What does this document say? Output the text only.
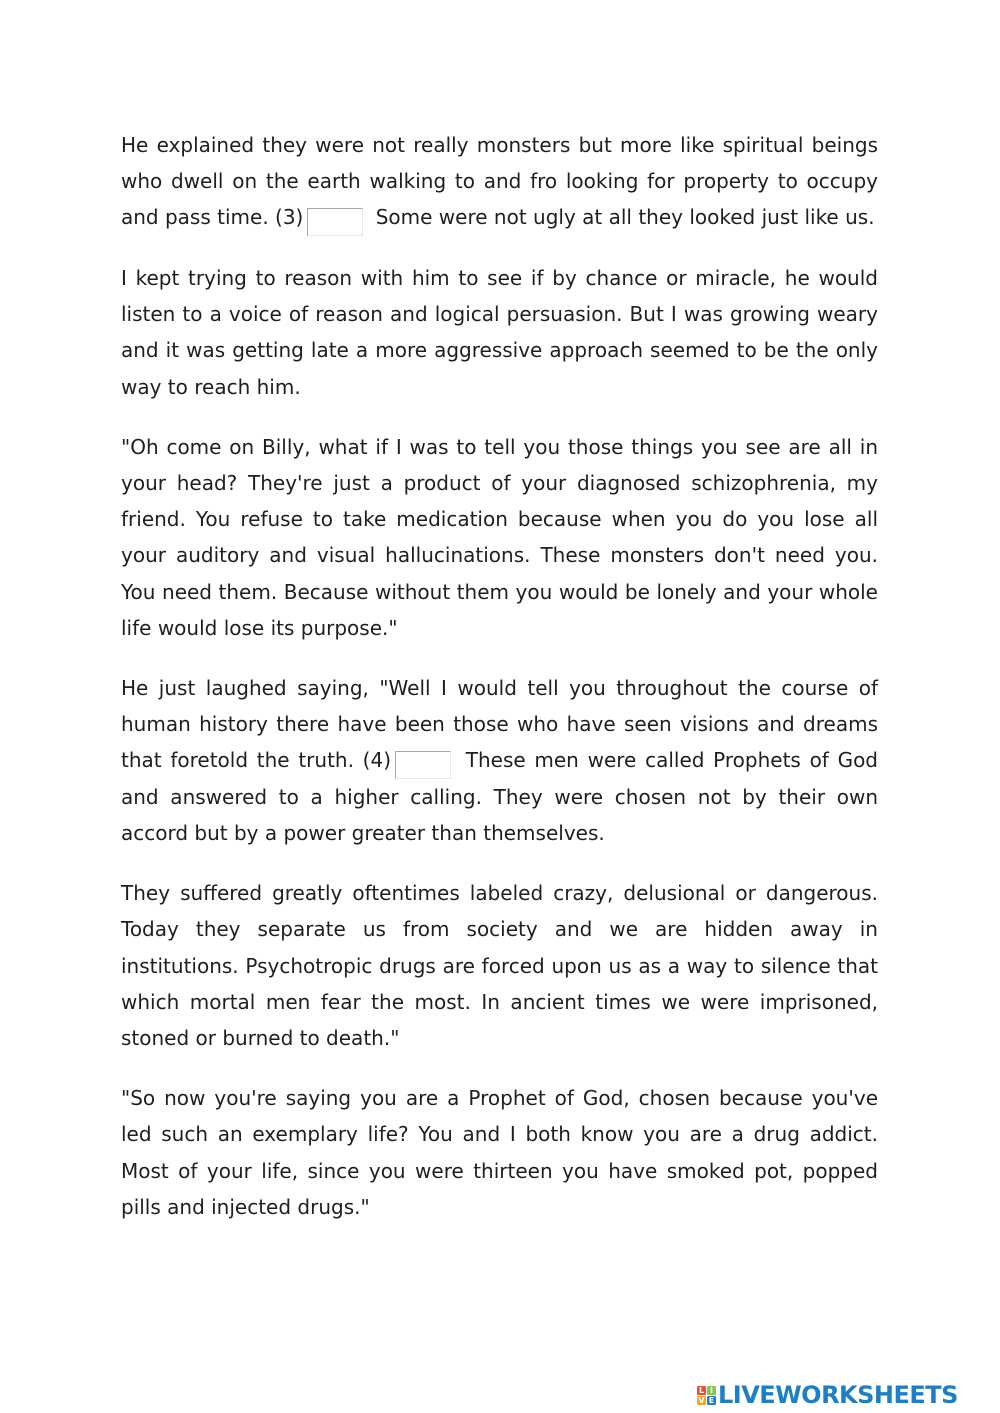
He explained they were not really monsters but more like spiritual beings who dwell on the earth walking to and fro looking for property to occupy and pass time. (3)	Some were not ugly at all they looked just like us.

I kept trying to reason with him to see if by chance or miracle, he would listen to a voice of reason and logical persuasion. But I was growing weary and it was getting late a more aggressive approach seemed to be the only way to reach him.

"Oh come on Billy, what if I was to tell you those things you see are all in your head? They're just a product of your diagnosed schizophrenia, my friend. You refuse to take medication because when you do you lose all your auditory and visual hallucinations. These monsters don't need you. You need them. Because without them you would be lonely and your whole life would lose its purpose."

He just laughed saying, "Well I would tell you throughout the course of human history there have been those who have seen visions and dreams that foretold the truth. (4)	These men were called Prophets of God and answered to a higher calling. They were chosen not by their own accord but by a power greater than themselves.

They suffered greatly oftentimes labeled crazy, delusional or dangerous. Today they separate us from society and we are hidden away in institutions. Psychotropic drugs are forced upon us as a way to silence that which mortal men fear the most. In ancient times we were imprisoned, stoned or burned to death."

"So now you're saying you are a Prophet of God, chosen because you've led such an exemplary life? You and I both know you are a drug addict. Most of your life, since you were thirteen you have smoked pot, popped pills and injected drugs."

L I
V E LIVEWORKSHEETS
